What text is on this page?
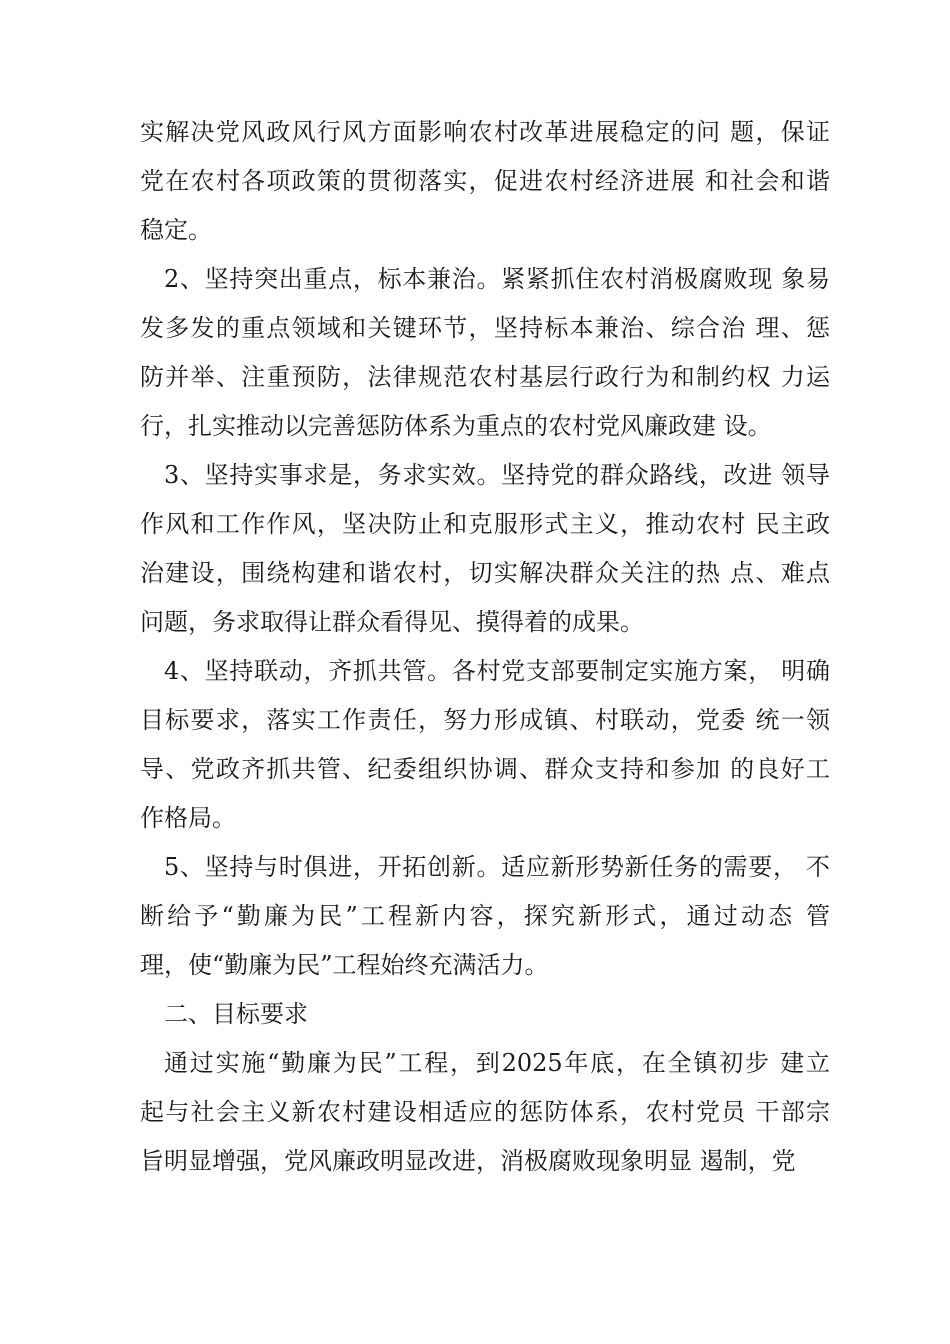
实解决党风政风行风方面影响农村改革进展稳定的问 题，保证
党在农村各项政策的贯彻落实，促进农村经济进展 和社会和谐
稳定。
2、坚持突出重点，标本兼治。紧紧抓住农村消极腐败现 象易
发多发的重点领域和关键环节，坚持标本兼治、综合治 理、惩
防并举、注重预防，法律规范农村基层行政行为和制约权 力运
行，扎实推动以完善惩防体系为重点的农村党风廉政建 设。
3、坚持实事求是，务求实效。坚持党的群众路线，改进 领导
作风和工作作风，坚决防止和克服形式主义，推动农村 民主政
治建设，围绕构建和谐农村，切实解决群众关注的热 点、难点
问题，务求取得让群众看得见、摸得着的成果。
4、坚持联动，齐抓共管。各村党支部要制定实施方案， 明确
目标要求，落实工作责任，努力形成镇、村联动，党委 统一领
导、党政齐抓共管、纪委组织协调、群众支持和参加 的良好工
作格局。
5、坚持与时俱进，开拓创新。适应新形势新任务的需要， 不
断给予“勤廉为民”工程新内容，探究新形式，通过动态 管
理，使“勤廉为民”工程始终充满活力。
二、目标要求
通过实施“勤廉为民”工程，到2025年底，在全镇初步 建立
起与社会主义新农村建设相适应的惩防体系，农村党员 干部宗
旨明显增强，党风廉政明显改进，消极腐败现象明显 遏制，党
